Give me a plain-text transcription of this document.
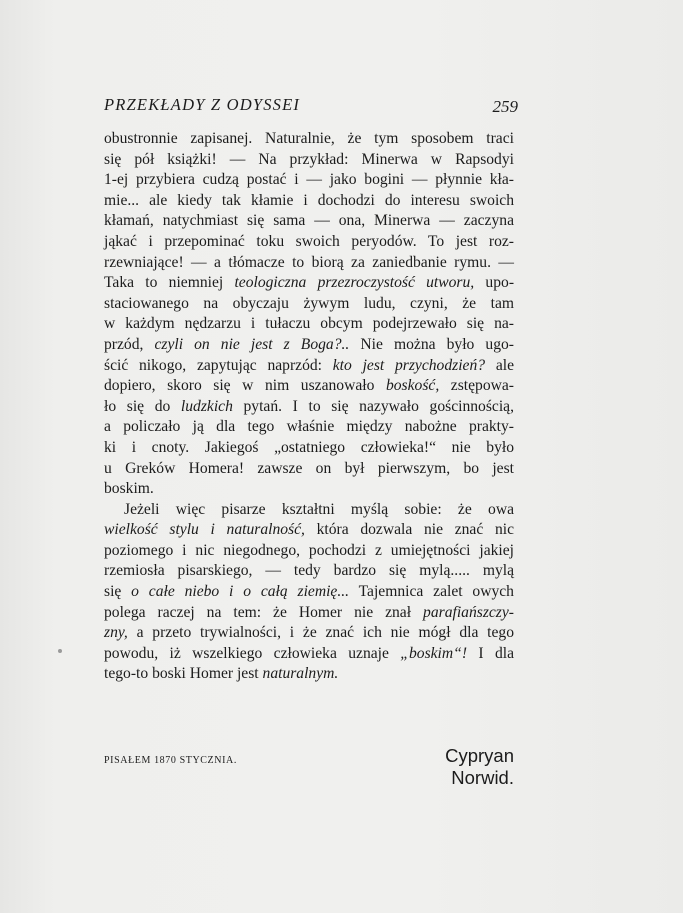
PRZEKŁADY Z ODYSSEI	259
obustronnie zapisanej. Naturalnie, że tym sposobem traci
się pół książki! — Na przykład: Minerwa w Rapsodyi
1-ej przybiera cudzą postać i — jako bogini — płynnie kła-
mie... ale kiedy tak kłamie i dochodzi do interesu swoich
kłamań, natychmiast się sama — ona, Minerwa — zaczyna
jąkać i przepominać toku swoich peryodów. To jest roz-
rzewniające! — a tłómacze to biorą za zaniedbanie rymu. —
Taka to niemniej teologiczna przezroczystość utworu, upo-
staciowanego na obyczaju żywym ludu, czyni, że tam
w każdym nędzarzu i tułaczu obcym podejrzewało się na-
przód, czyli on nie jest z Boga?.. Nie można było ugo-
ścić nikogo, zapytując naprzód: kto jest przychodzień? ale
dopiero, skoro się w nim uszanowało boskość, zstępowa-
ło się do ludzkich pytań. I to się nazywało gościnnością,
a policzało ją dla tego właśnie między nabożne prakty-
ki i cnoty. Jakiegoś „ostatniego człowieka!“ nie było
u Greków Homera! zawsze on był pierwszym, bo jest
boskim.
Jeżeli więc pisarze kształtni myślą sobie: że owa
wielkość stylu i naturalność, która dozwala nie znać nic
poziomego i nic niegodnego, pochodzi z umiejętności jakiej
rzemiosła pisarskiego, — tedy bardzo się mylą..... mylą
się o całe niebo i o całą ziemię... Tajemnica zalet owych
polega raczej na tem: że Homer nie znał parafiańszczy-
zny, a przeto trywialności, i że znać ich nie mógł dla tego
powodu, iż wszelkiego człowieka uznaje „boskim“! I dla
tego-to boski Homer jest naturalnym.
PISAŁEM 1870 STYCZNIA.	Cypryan Norwid.
